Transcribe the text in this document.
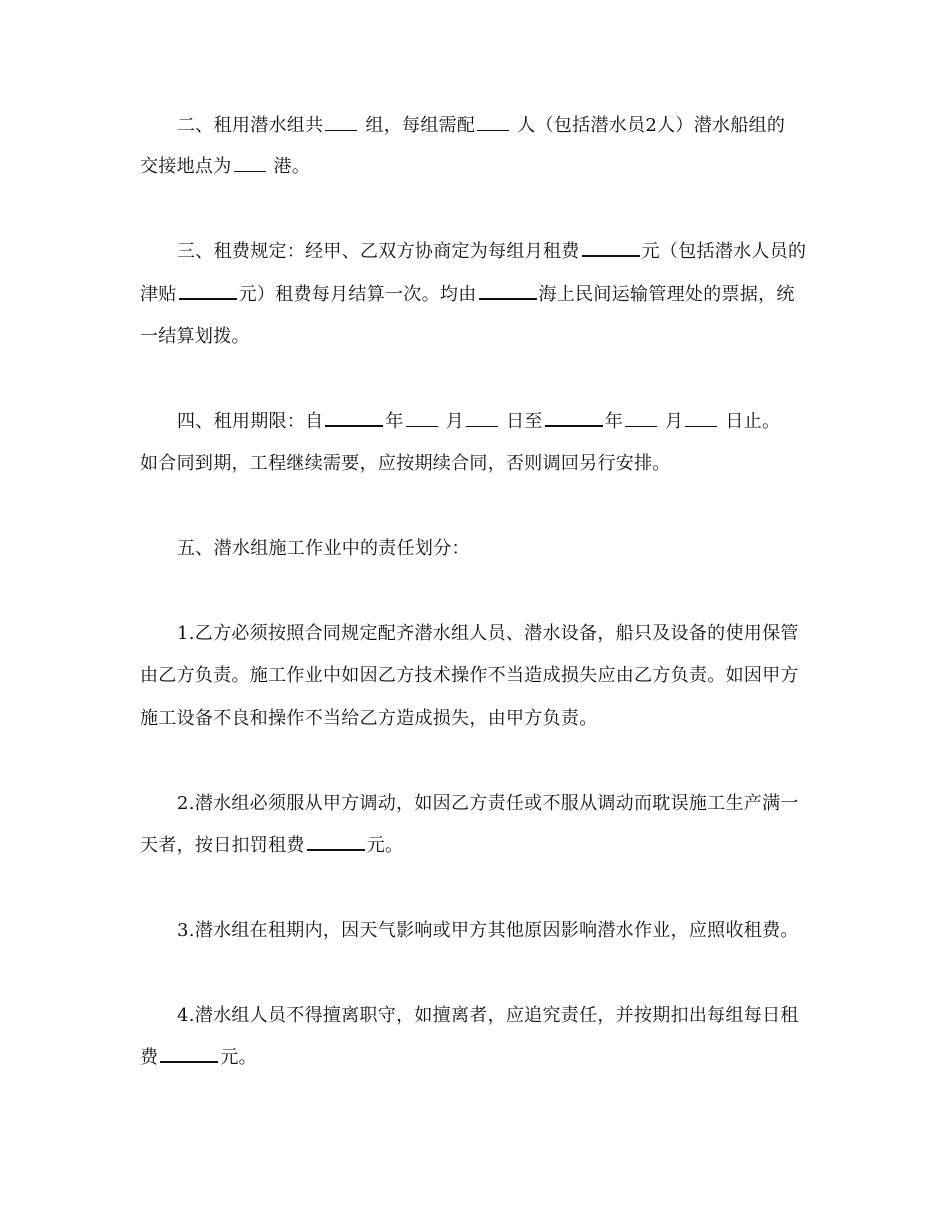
二、租用潜水组共 组，每组需配 人（包括潜水员2人）潜水船组的
交接地点为 港。
三、租费规定：经甲、乙双方协商定为每组月租费	元（包括潜水人员的
津贴	元）租费每月结算一次。均由	海上民间运输管理处的票据，统
一结算划拨。
四、租用期限：自	年 月 日至	年 月 日止。
如合同到期，工程继续需要，应按期续合同，否则调回另行安排。
五、潜水组施工作业中的责任划分：
1.乙方必须按照合同规定配齐潜水组人员、潜水设备，船只及设备的使用保管
由乙方负责。施工作业中如因乙方技术操作不当造成损失应由乙方负责。如因甲方
施工设备不良和操作不当给乙方造成损失，由甲方负责。
2.潜水组必须服从甲方调动，如因乙方责任或不服从调动而耽误施工生产满一
天者，按日扣罚租费	元。
3.潜水组在租期内，因天气影响或甲方其他原因影响潜水作业，应照收租费。
4.潜水组人员不得擅离职守，如擅离者，应追究责任，并按期扣出每组每日租
费	元。
